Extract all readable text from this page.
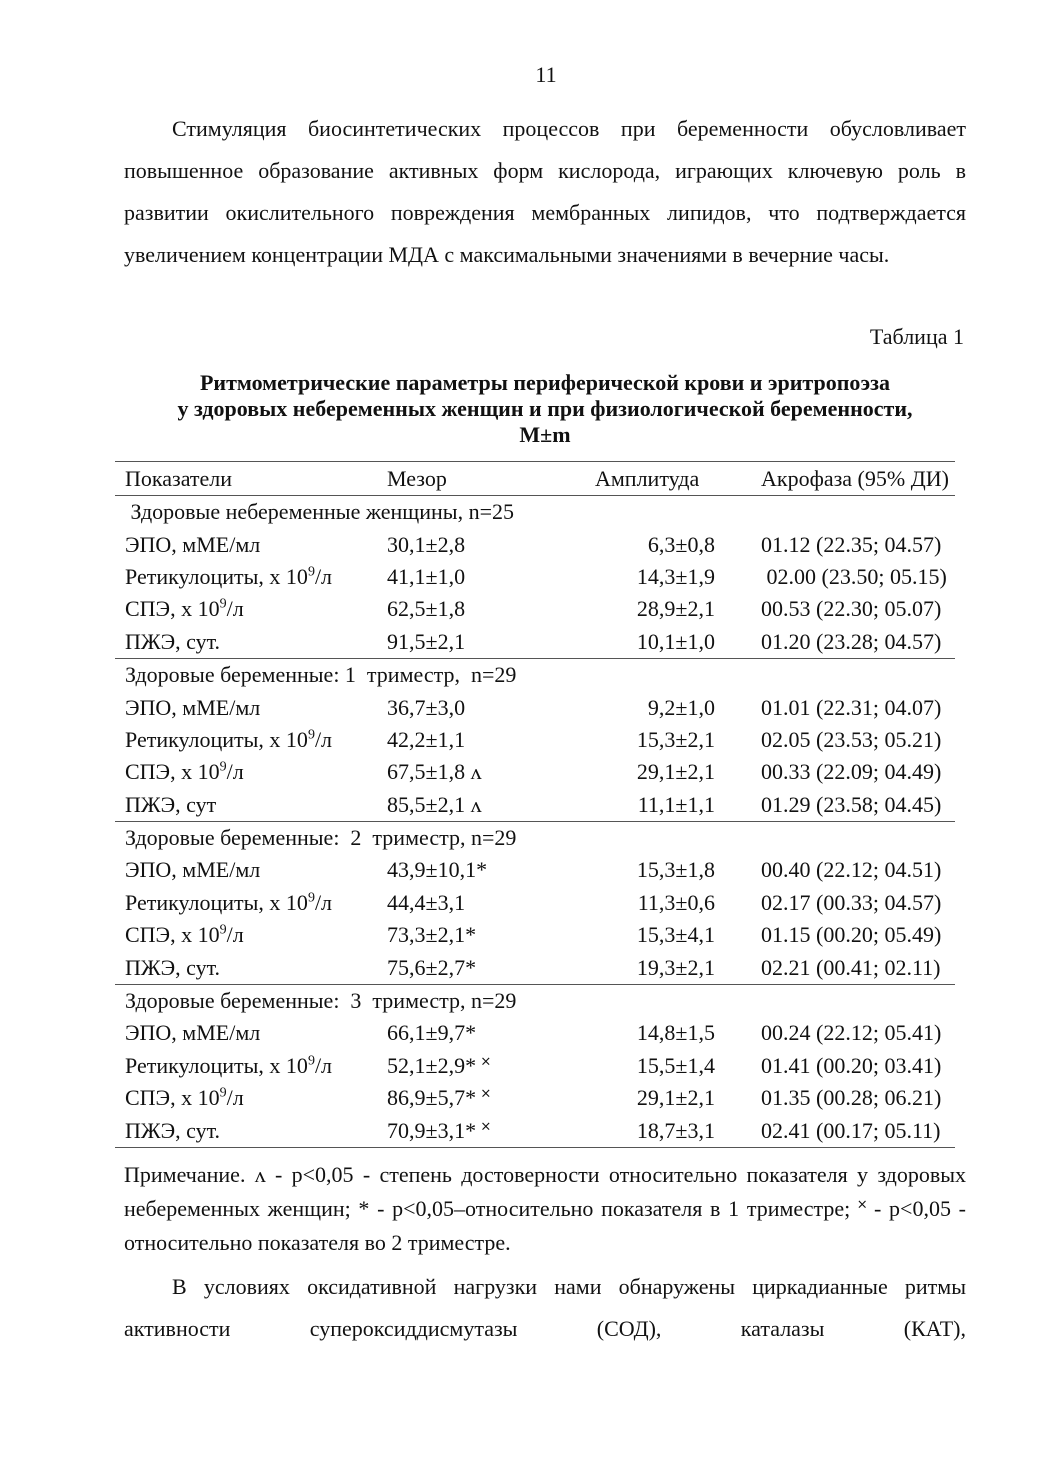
11

Стимуляция биосинтетических процессов при беременности обусловливает повышенное образование активных форм кислорода, играющих ключевую роль в развитии окислительного повреждения мембранных липидов, что подтверждается увеличением концентрации МДА с максимальными значениями в вечерние часы.

Таблица 1
Ритмометрические параметры периферической крови и эритропоэза
у здоровых небеременных женщин и при физиологической беременности,
M±m
Показатели	Мезор	Амплитуда	Акрофаза (95% ДИ)
Здоровые небеременные женщины, n=25			
ЭПО, мМЕ/мл	30,1±2,8	6,3±0,8	01.12 (22.35; 04.57)
Ретикулоциты, х $10^9/л$	41,1±1,0	14,3±1,9	02.00 (23.50; 05.15)
СПЭ, х $10^9/л$	62,5±1,8	28,9±2,1	00.53 (22.30; 05.07)
ПЖЭ, сут.	91,5±2,1	10,1±1,0	01.20 (23.28; 04.57)
Здоровые беременные: 1  триместр,  n=29			
ЭПО, мМЕ/мл	36,7±3,0	9,2±1,0	01.01 (22.31; 04.07)
Ретикулоциты, х $10^9/л$	42,2±1,1	15,3±2,1	02.05 (23.53; 05.21)
СПЭ, х $10^9/л$	67,5±1,8 ʌ	29,1±2,1	00.33 (22.09; 04.49)
ПЖЭ, сут	85,5±2,1 ʌ	11,1±1,1	01.29 (23.58; 04.45)
Здоровые беременные:  2  триместр, n=29			
ЭПО, мМЕ/мл	43,9±10,1*	15,3±1,8	00.40 (22.12; 04.51)
Ретикулоциты, х $10^9/л$	44,4±3,1	11,3±0,6	02.17 (00.33; 04.57)
СПЭ, х $10^9/л$	73,3±2,1*	15,3±4,1	01.15 (00.20; 05.49)
ПЖЭ, сут.	75,6±2,7*	19,3±2,1	02.21 (00.41; 02.11)
Здоровые беременные:  3  триместр, n=29			
ЭПО, мМЕ/мл	66,1±9,7*	14,8±1,5	00.24 (22.12; 05.41)
Ретикулоциты, х $10^9/л$	52,1±2,9* ˟	15,5±1,4	01.41 (00.20; 03.41)
СПЭ, х $10^9/л$	86,9±5,7* ˟	29,1±2,1	01.35 (00.28; 06.21)
ПЖЭ, сут.	70,9±3,1* ˟	18,7±3,1	02.41 (00.17; 05.11)

Примечание. ʌ - p<0,05 - степень достоверности относительно показателя у здоровых небеременных женщин; * - p<0,05–относительно показателя в 1 триместре; ˟ - p<0,05 - относительно показателя во 2 триместре.

В условиях оксидативной нагрузки нами обнаружены циркадианные ритмы активности супероксиддисмутазы (СОД), каталазы (КАТ),
